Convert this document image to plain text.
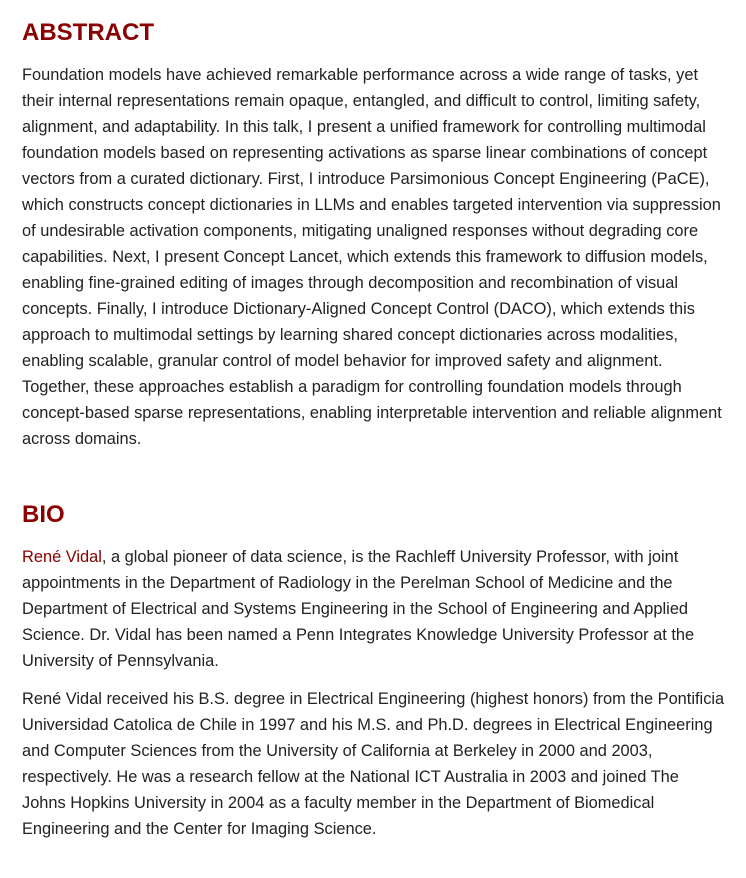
ABSTRACT

Foundation models have achieved remarkable performance across a wide range of tasks, yet their internal representations remain opaque, entangled, and difficult to control, limiting safety, alignment, and adaptability. In this talk, I present a unified framework for controlling multimodal foundation models based on representing activations as sparse linear combinations of concept vectors from a curated dictionary. First, I introduce Parsimonious Concept Engineering (PaCE), which constructs concept dictionaries in LLMs and enables targeted intervention via suppression of undesirable activation components, mitigating unaligned responses without degrading core capabilities. Next, I present Concept Lancet, which extends this framework to diffusion models, enabling fine-grained editing of images through decomposition and recombination of visual concepts. Finally, I introduce Dictionary-Aligned Concept Control (DACO), which extends this approach to multimodal settings by learning shared concept dictionaries across modalities, enabling scalable, granular control of model behavior for improved safety and alignment. Together, these approaches establish a paradigm for controlling foundation models through concept-based sparse representations, enabling interpretable intervention and reliable alignment across domains.

BIO

René Vidal, a global pioneer of data science, is the Rachleff University Professor, with joint appointments in the Department of Radiology in the Perelman School of Medicine and the Department of Electrical and Systems Engineering in the School of Engineering and Applied Science. Dr. Vidal has been named a Penn Integrates Knowledge University Professor at the University of Pennsylvania.

René Vidal received his B.S. degree in Electrical Engineering (highest honors) from the Pontificia Universidad Catolica de Chile in 1997 and his M.S. and Ph.D. degrees in Electrical Engineering and Computer Sciences from the University of California at Berkeley in 2000 and 2003, respectively. He was a research fellow at the National ICT Australia in 2003 and joined The Johns Hopkins University in 2004 as a faculty member in the Department of Biomedical Engineering and the Center for Imaging Science.
